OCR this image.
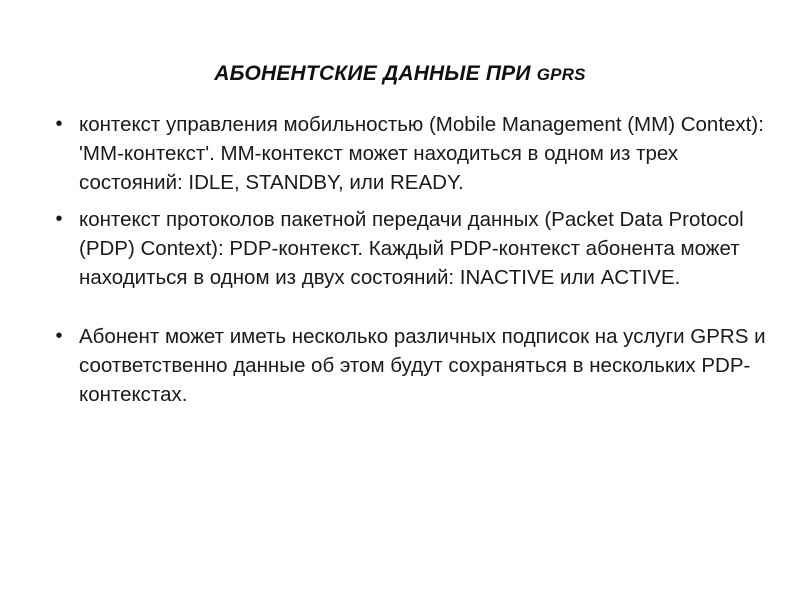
АБОНЕНТСКИЕ ДАННЫЕ ПРИ GPRS
• контекст управления мобильностью (Mobile Management (MM) Context): 'ММ-контекст'. ММ-контекст может находиться в одном из трех состояний: IDLE, STANDBY, или READY.
• контекст протоколов пакетной передачи данных (Packet Data Protocol (PDP) Context): PDP-контекст. Каждый PDP-контекст абонента может находиться в одном из двух состояний: INACTIVE или ACTIVE.
• Абонент может иметь несколько различных подписок на услуги GPRS и соответственно данные об этом будут сохраняться в нескольких PDP-контекстах.
